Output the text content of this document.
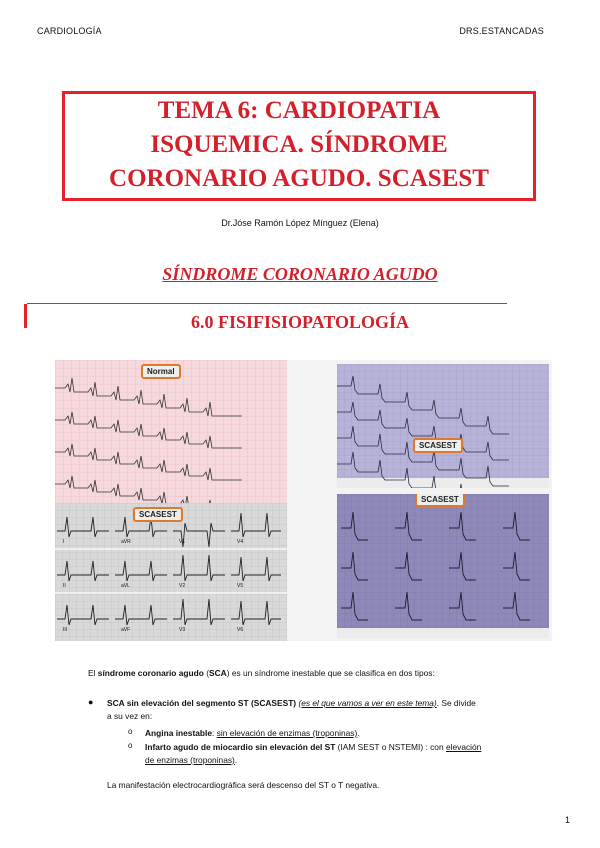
CARDIOLOGÍA	DRS.ESTANCADAS
TEMA 6: CARDIOPATIA
ISQUEMICA. SÍNDROME
CORONARIO AGUDO. SCASEST
Dr.Jóse Ramón López Mínguez (Elena)
SÍNDROME CORONARIO AGUDO
6.0 FISIFISIOPATOLOGÍA
Normal
SCASEST
I	aVR	V1	V4
II	aVL	V2	V5
III	aVF	V3	V6
SCASEST
SCASEST
El síndrome coronario agudo (SCA) es un síndrome inestable que se clasifica en dos tipos:
● SCA sin elevación del segmento ST (SCASEST) (es el que vamos a ver en este tema). Se divide
a su vez en:
o Angina inestable: sin elevación de enzimas (troponinas).
o Infarto agudo de miocardio sin elevación del ST (IAM SEST o NSTEMI) : con elevación
de enzimas (troponinas).
La manifestación electrocardiográfica será descenso del ST o T negativa.
1
